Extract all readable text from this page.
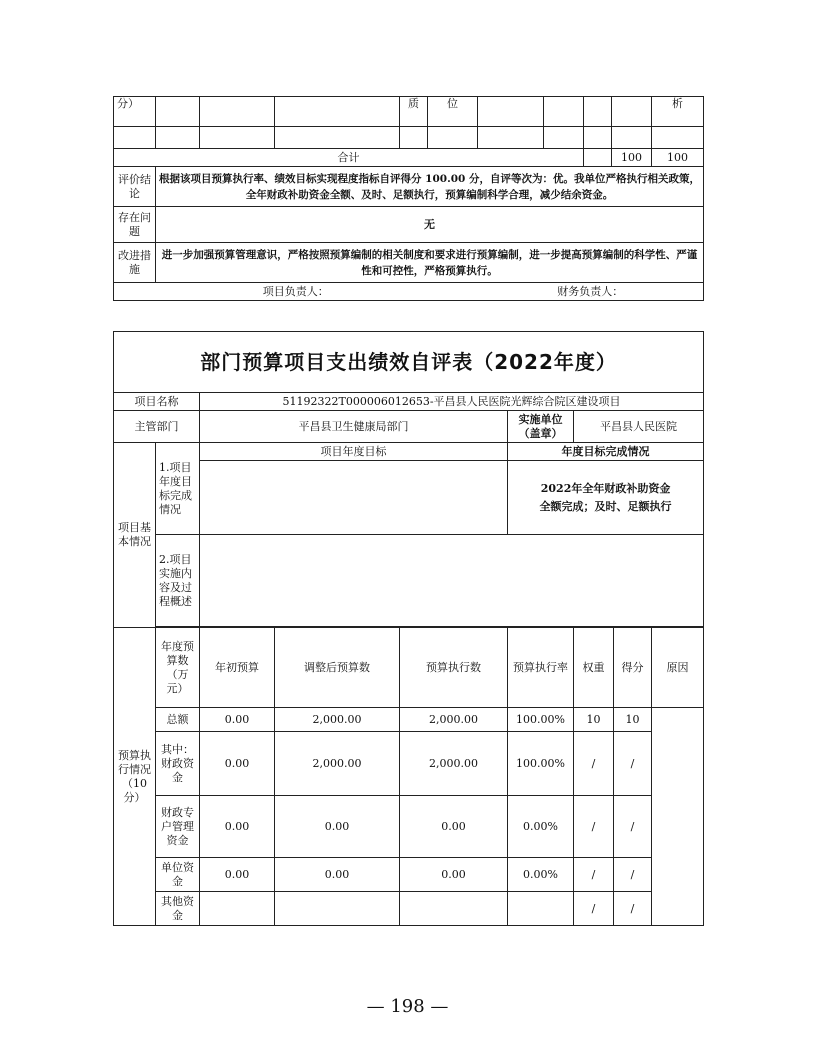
分）				质	位					析

合计									100	100
评价结论	根据该项目预算执行率、绩效目标实现程度指标自评得分 100.00 分，自评等次为：优。我单位严格执行相关政策，全年财政补助资金全额、及时、足额执行，预算编制科学合理，减少结余资金。									
存在问题	无									
改进措施	进一步加强预算管理意识，严格按照预算编制的相关制度和要求进行预算编制，进一步提高预算编制的科学性、严谨性和可控性，严格预算执行。									
项目负责人：						财务负责人：				
部门预算项目支出绩效自评表（2022年度）								
项目名称		51192322T000006012653-平昌县人民医院光辉综合院区建设项目						
主管部门		平昌县卫生健康局部门			实施单位（盖章）	平昌县人民医院		
项目基本情况	1.项目年度目标完成情况	项目年度目标			年度目标完成情况			
					2022年全年财政补助资金全额完成；及时、足额执行			
	2.项目实施内容及过程概述							

预算执行情况（10分）	年度预算数（万元）	年初预算	调整后预算数	预算执行数	预算执行率	权重	得分	原因
	总额	0.00	2,000.00	2,000.00	100.00%	10	10	
	其中：财政资金	0.00	2,000.00	2,000.00	100.00%	/	/	
	财政专户管理资金	0.00	0.00	0.00	0.00%	/	/	
	单位资金	0.00	0.00	0.00	0.00%	/	/	
	其他资金					/	/	
— 198 —
